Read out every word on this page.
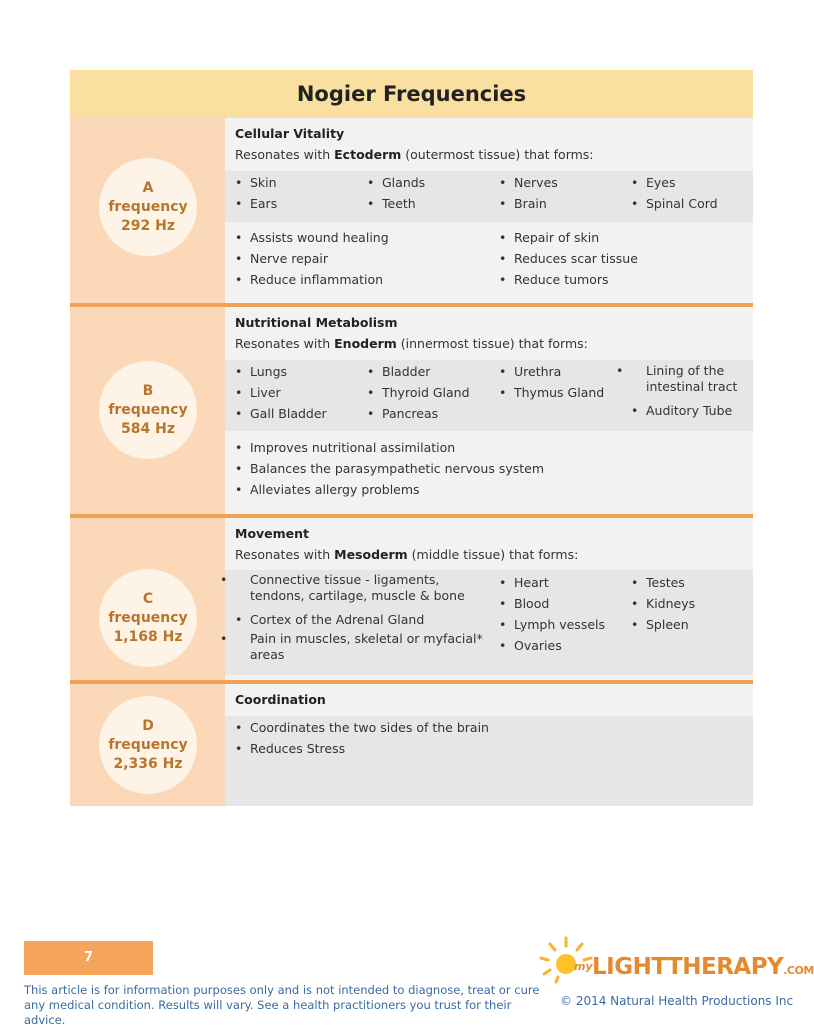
Nogier Frequencies
A
frequency
292 Hz
Cellular Vitality
Resonates with Ectoderm (outermost tissue) that forms:
• Skin
• Ears
• Glands
• Teeth
• Nerves
• Brain
• Eyes
• Spinal Cord
• Assists wound healing
• Nerve repair
• Reduce inflammation
• Repair of skin
• Reduces scar tissue
• Reduce tumors
B
frequency
584 Hz
Nutritional Metabolism
Resonates with Enoderm (innermost tissue) that forms:
• Lungs
• Liver
• Gall Bladder
• Bladder
• Thyroid Gland
• Pancreas
• Urethra
• Thymus Gland
• Lining of the intestinal tract
• Auditory Tube
• Improves nutritional assimilation
• Balances the parasympathetic nervous system
• Alleviates allergy problems
C
frequency
1,168 Hz
Movement
Resonates with Mesoderm (middle tissue) that forms:
• Connective tissue - ligaments, tendons, cartilage, muscle & bone
• Cortex of the Adrenal Gland
• Pain in muscles, skeletal or myfacial* areas
• Heart
• Blood
• Lymph vessels
• Ovaries
• Testes
• Kidneys
• Spleen
D
frequency
2,336 Hz
Coordination
• Coordinates the two sides of the brain
• Reduces Stress
7
This article is for information purposes only and is not intended to diagnose, treat or cure any medical condition. Results will vary. See a health practitioners you trust for their advice.
my LIGHTTHERAPY.COM
© 2014 Natural Health Productions Inc
